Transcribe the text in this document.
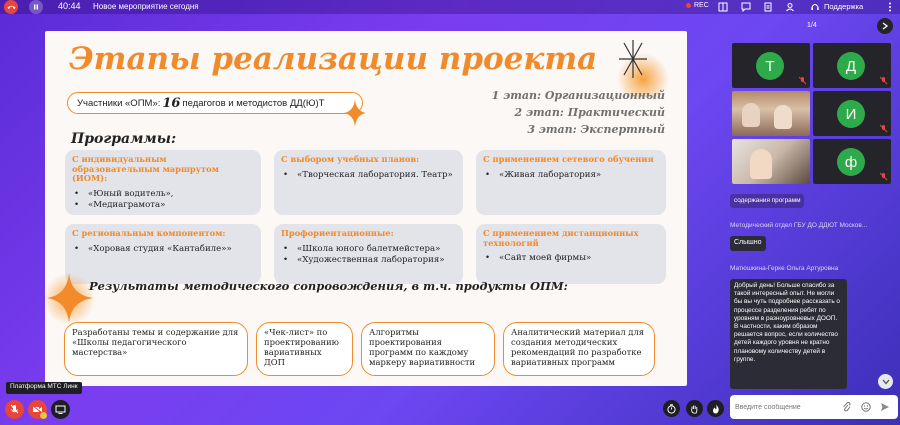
40:44 Новое мероприятие сегодня	REC	Поддержка
Этапы реализации проекта
Участники «ОПМ»: 16 педагогов и методистов ДД(Ю)Т
1 этап: Организационный
2 этап: Практический
3 этап: Экспертный
Программы:
С индивидуальным образовательным маршрутом (ИОМ):
• «Юный водитель»,
• «Медиаграмота»
С выбором учебных планов:
• «Творческая лаборатория. Театр»
С применением сетевого обучения
• «Живая лаборатория»
С региональным компонентом:
• «Хоровая студия «Кантабиле»»
Профориентационные:
• «Школа юного балетмейстера»
• «Художественная лаборатория»
С применением дистанционных технологий
• «Сайт моей фирмы»
Результаты методического сопровождения, в т.ч. продукты ОПМ:
Разработаны темы и содержание для «Школы педагогического мастерства»
«Чек-лист» по проектированию вариативных ДОП
Алгоритмы проектирования программ по каждому маркеру вариативности
Аналитический материал для создания методических рекомендаций по разработке вариативных программ
1/4
Т	Д
И
ф
содержания программ
Методический отдел ГБУ ДО ДДЮТ Москов...
Слышно
Матюшкина-Герке Ольга Артуровна
Добрый день! Больше спасибо за такой интересный опыт. Не могли бы вы чуть подробнее рассказать о процессе разделения ребят по уровням в разноуровневых ДООП. В частности, каким образом решается вопрос, если количество детей каждого уровня не кратно плановому количеству детей в группе.
Введите сообщение
Платформа МТС Линк
